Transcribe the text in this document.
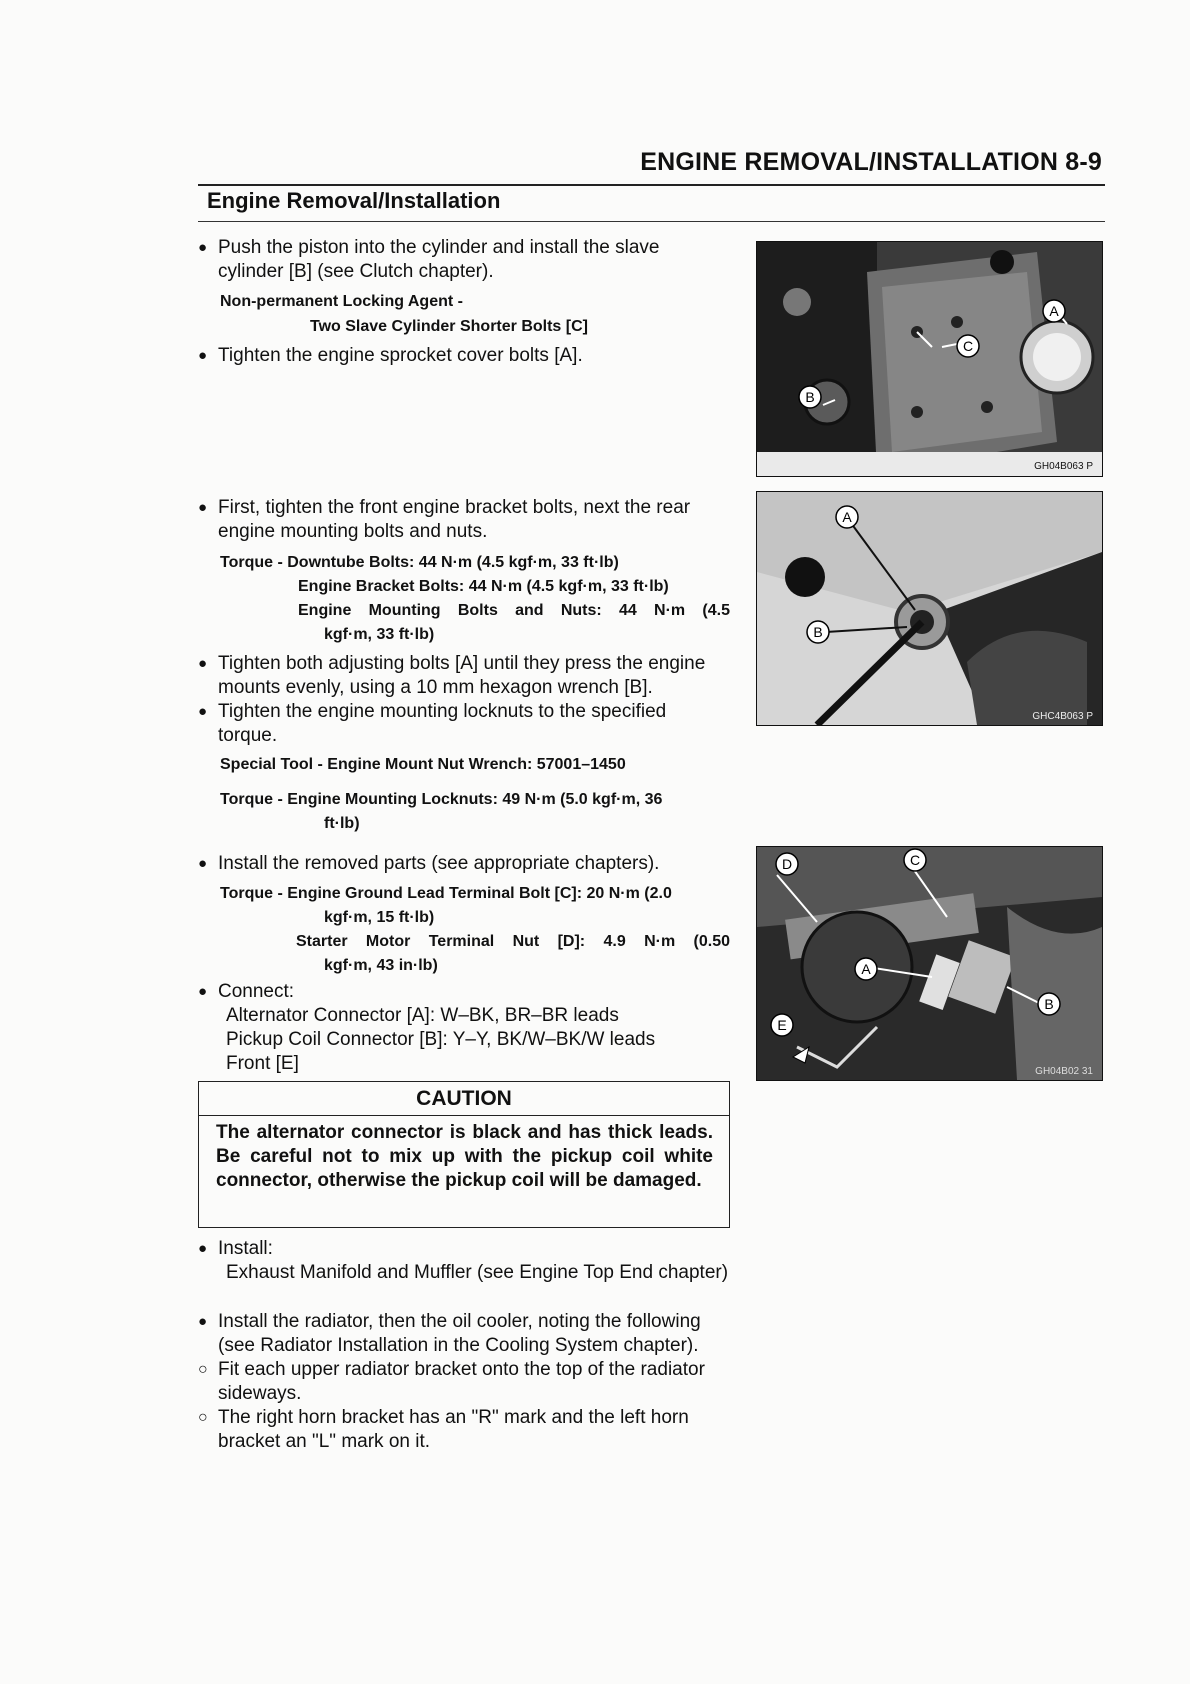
ENGINE REMOVAL/INSTALLATION 8-9
Engine Removal/Installation
● Push the piston into the cylinder and install the slave cylinder [B] (see Clutch chapter).
Non-permanent Locking Agent -
Two Slave Cylinder Shorter Bolts [C]
● Tighten the engine sprocket cover bolts [A].
● First, tighten the front engine bracket bolts, next the rear engine mounting bolts and nuts.
Torque - Downtube Bolts: 44 N·m (4.5 kgf·m, 33 ft·lb)
Engine Bracket Bolts: 44 N·m (4.5 kgf·m, 33 ft·lb)
Engine Mounting Bolts and Nuts: 44 N·m (4.5
kgf·m, 33 ft·lb)
● Tighten both adjusting bolts [A] until they press the engine mounts evenly, using a 10 mm hexagon wrench [B].
● Tighten the engine mounting locknuts to the specified torque.
Special Tool - Engine Mount Nut Wrench: 57001–1450
Torque - Engine Mounting Locknuts: 49 N·m (5.0 kgf·m, 36
ft·lb)
● Install the removed parts (see appropriate chapters).
Torque - Engine Ground Lead Terminal Bolt [C]: 20 N·m (2.0
kgf·m, 15 ft·lb)
Starter Motor Terminal Nut [D]: 4.9 N·m (0.50
kgf·m, 43 in·lb)
● Connect:
Alternator Connector [A]: W–BK, BR–BR leads
Pickup Coil Connector [B]: Y–Y, BK/W–BK/W leads
Front [E]
CAUTION
The alternator connector is black and has thick leads. Be careful not to mix up with the pickup coil white connector, otherwise the pickup coil will be damaged.
● Install:
Exhaust Manifold and Muffler (see Engine Top End chapter)
● Install the radiator, then the oil cooler, noting the following (see Radiator Installation in the Cooling System chapter).
○ Fit each upper radiator bracket onto the top of the radiator sideways.
○ The right horn bracket has an "R" mark and the left horn bracket an "L" mark on it.
A
C
B
GH04B063 P
A
B
GHC4B063 P
D	C
A
B
E
GH04B02 31
